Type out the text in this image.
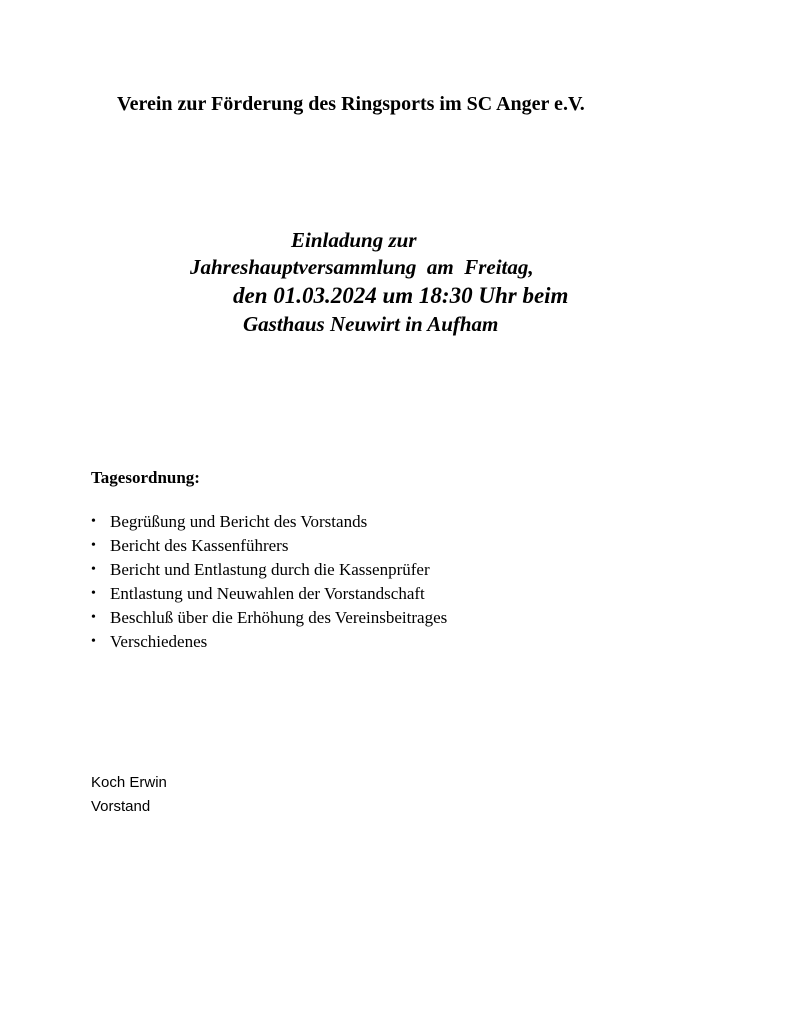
Verein zur Förderung des Ringsports im SC Anger e.V.
Einladung zur
Jahreshauptversammlung  am  Freitag,
den 01.03.2024 um 18:30 Uhr beim
Gasthaus Neuwirt in Aufham
Tagesordnung:
• Begrüßung und Bericht des Vorstands
• Bericht des Kassenführers
• Bericht und Entlastung durch die Kassenprüfer
• Entlastung und Neuwahlen der Vorstandschaft
• Beschluß über die Erhöhung des Vereinsbeitrages
• Verschiedenes
Koch Erwin
Vorstand
